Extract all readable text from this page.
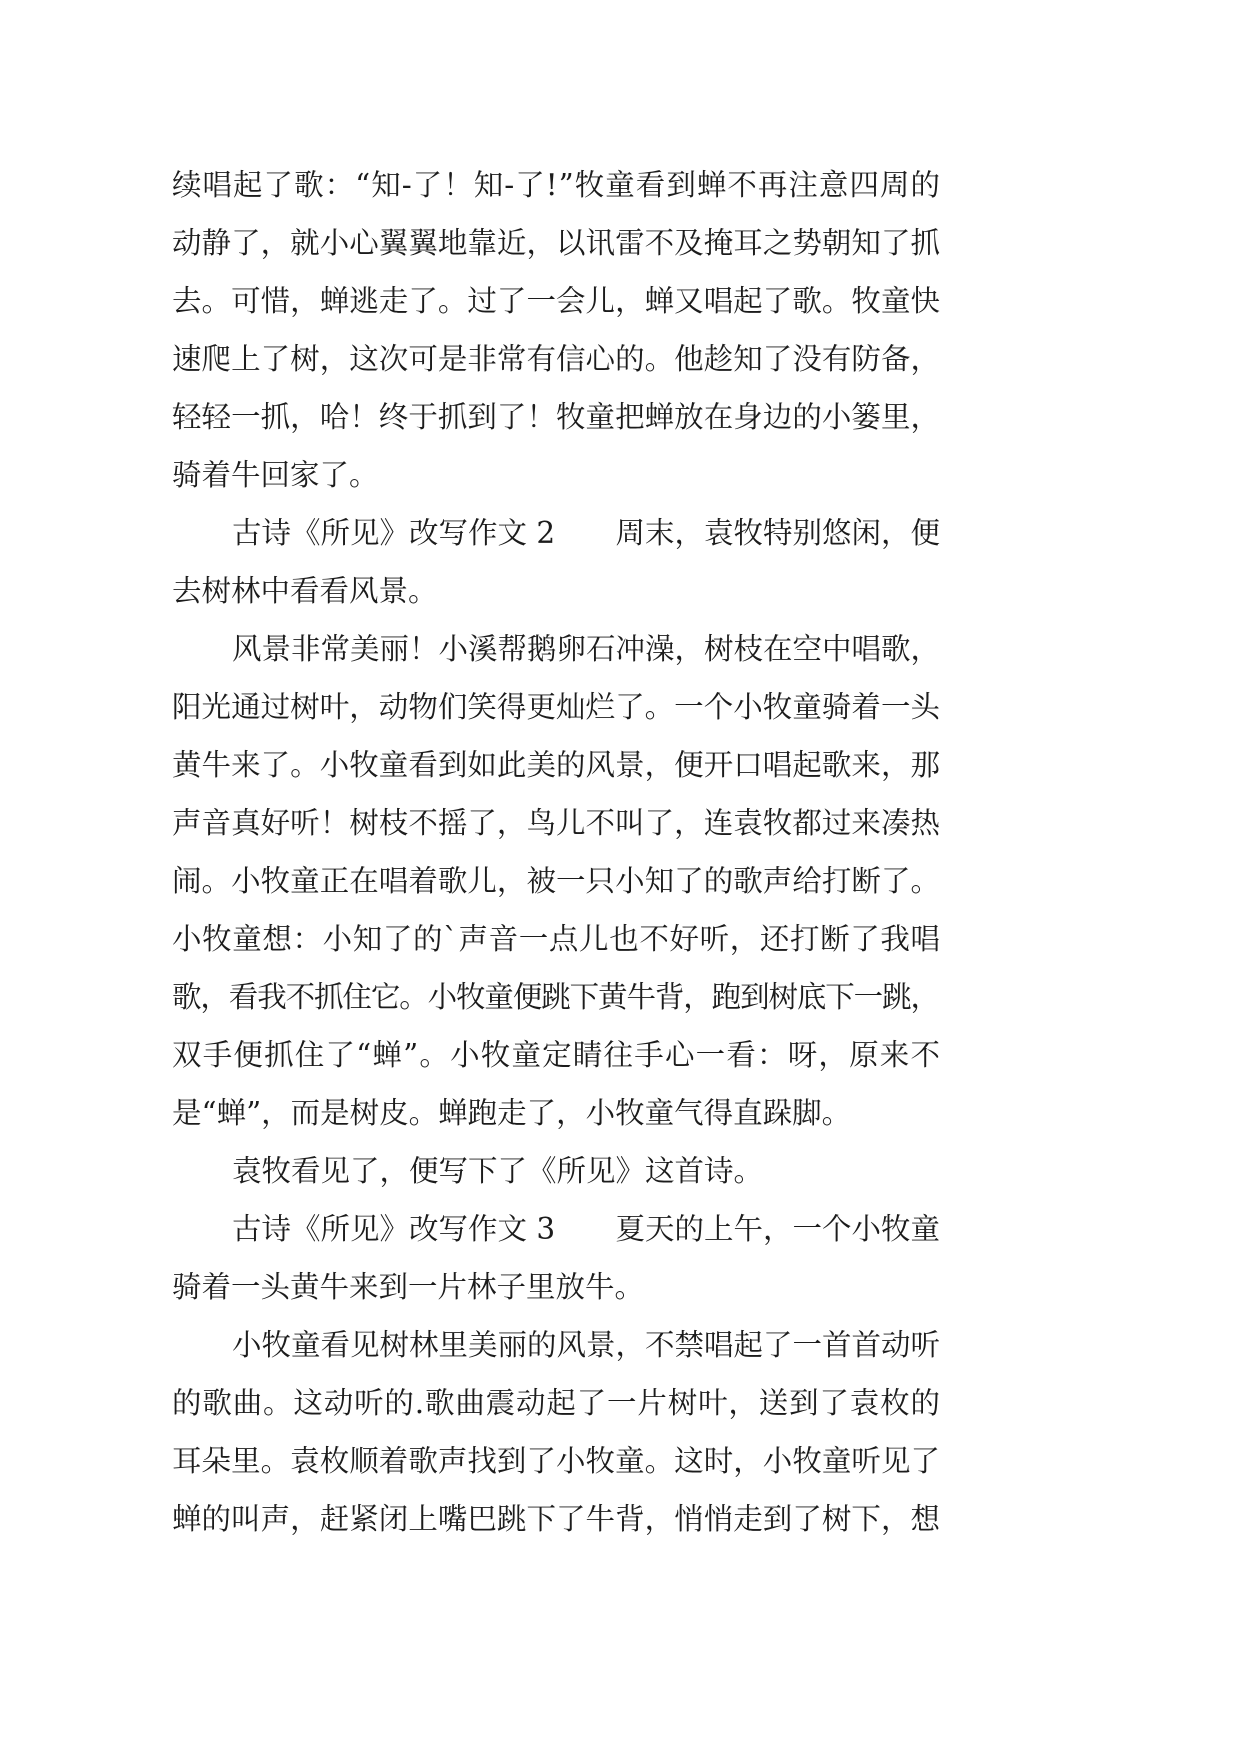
续唱起了歌：“知-了！知-了!”牧童看到蝉不再注意四周的
动静了，就小心翼翼地靠近，以讯雷不及掩耳之势朝知了抓
去。可惜，蝉逃走了。过了一会儿，蝉又唱起了歌。牧童快
速爬上了树，这次可是非常有信心的。他趁知了没有防备，
轻轻一抓，哈！终于抓到了！牧童把蝉放在身边的小篓里，
骑着牛回家了。
古诗《所见》改写作文 2 周末，袁牧特别悠闲，便
去树林中看看风景。
风景非常美丽！小溪帮鹅卵石冲澡，树枝在空中唱歌，
阳光通过树叶，动物们笑得更灿烂了。一个小牧童骑着一头
黄牛来了。小牧童看到如此美的风景，便开口唱起歌来，那
声音真好听！树枝不摇了，鸟儿不叫了，连袁牧都过来凑热
闹。小牧童正在唱着歌儿，被一只小知了的歌声给打断了。
小牧童想：小知了的`声音一点儿也不好听，还打断了我唱
歌，看我不抓住它。小牧童便跳下黄牛背，跑到树底下一跳，
双手便抓住了“蝉”。小牧童定睛往手心一看：呀，原来不
是“蝉”，而是树皮。蝉跑走了，小牧童气得直跺脚。
袁牧看见了，便写下了《所见》这首诗。
古诗《所见》改写作文 3 夏天的上午，一个小牧童
骑着一头黄牛来到一片林子里放牛。
小牧童看见树林里美丽的风景，不禁唱起了一首首动听
的歌曲。这动听的.歌曲震动起了一片树叶，送到了袁枚的
耳朵里。袁枚顺着歌声找到了小牧童。这时，小牧童听见了
蝉的叫声，赶紧闭上嘴巴跳下了牛背，悄悄走到了树下，想
